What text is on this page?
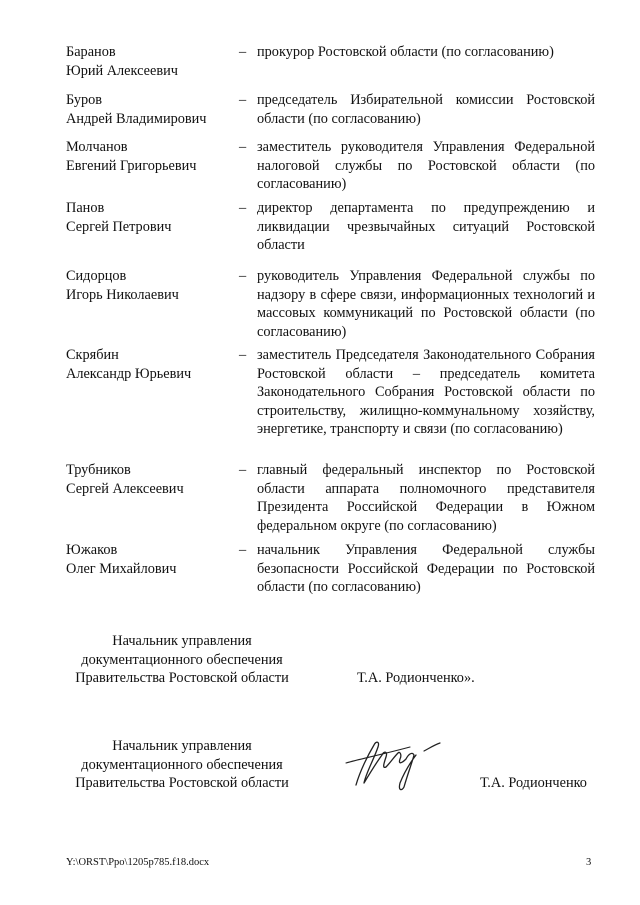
Баранов
Юрий Алексеевич
– прокурор Ростовской области (по согласованию)
Буров
Андрей Владимирович
– председатель Избирательной комиссии Ростовской области (по согласованию)
Молчанов
Евгений Григорьевич
– заместитель руководителя Управления Федеральной налоговой службы по Ростовской области (по согласованию)
Панов
Сергей Петрович
– директор департамента по предупреждению и ликвидации чрезвычайных ситуаций Ростовской области
Сидорцов
Игорь Николаевич
– руководитель Управления Федеральной службы по надзору в сфере связи, информационных технологий и массовых коммуникаций по Ростовской области (по согласованию)
Скрябин
Александр Юрьевич
– заместитель Председателя Законодательного Собрания Ростовской области – председатель комитета Законодательного Собрания Ростовской области по строительству, жилищно-коммунальному хозяйству, энергетике, транспорту и связи (по согласованию)
Трубников
Сергей Алексеевич
– главный федеральный инспектор по Ростовской области аппарата полномочного представителя Президента Российской Федерации в Южном федеральном округе (по согласованию)
Южаков
Олег Михайлович
– начальник Управления Федеральной службы безопасности Российской Федерации по Ростовской области (по согласованию)
Начальник управления
документационного обеспечения
Правительства Ростовской области	Т.А. Родионченко».
Начальник управления
документационного обеспечения
Правительства Ростовской области	Т.А. Родионченко
Y:\ORST\Ppo\1205p785.f18.docx	3
